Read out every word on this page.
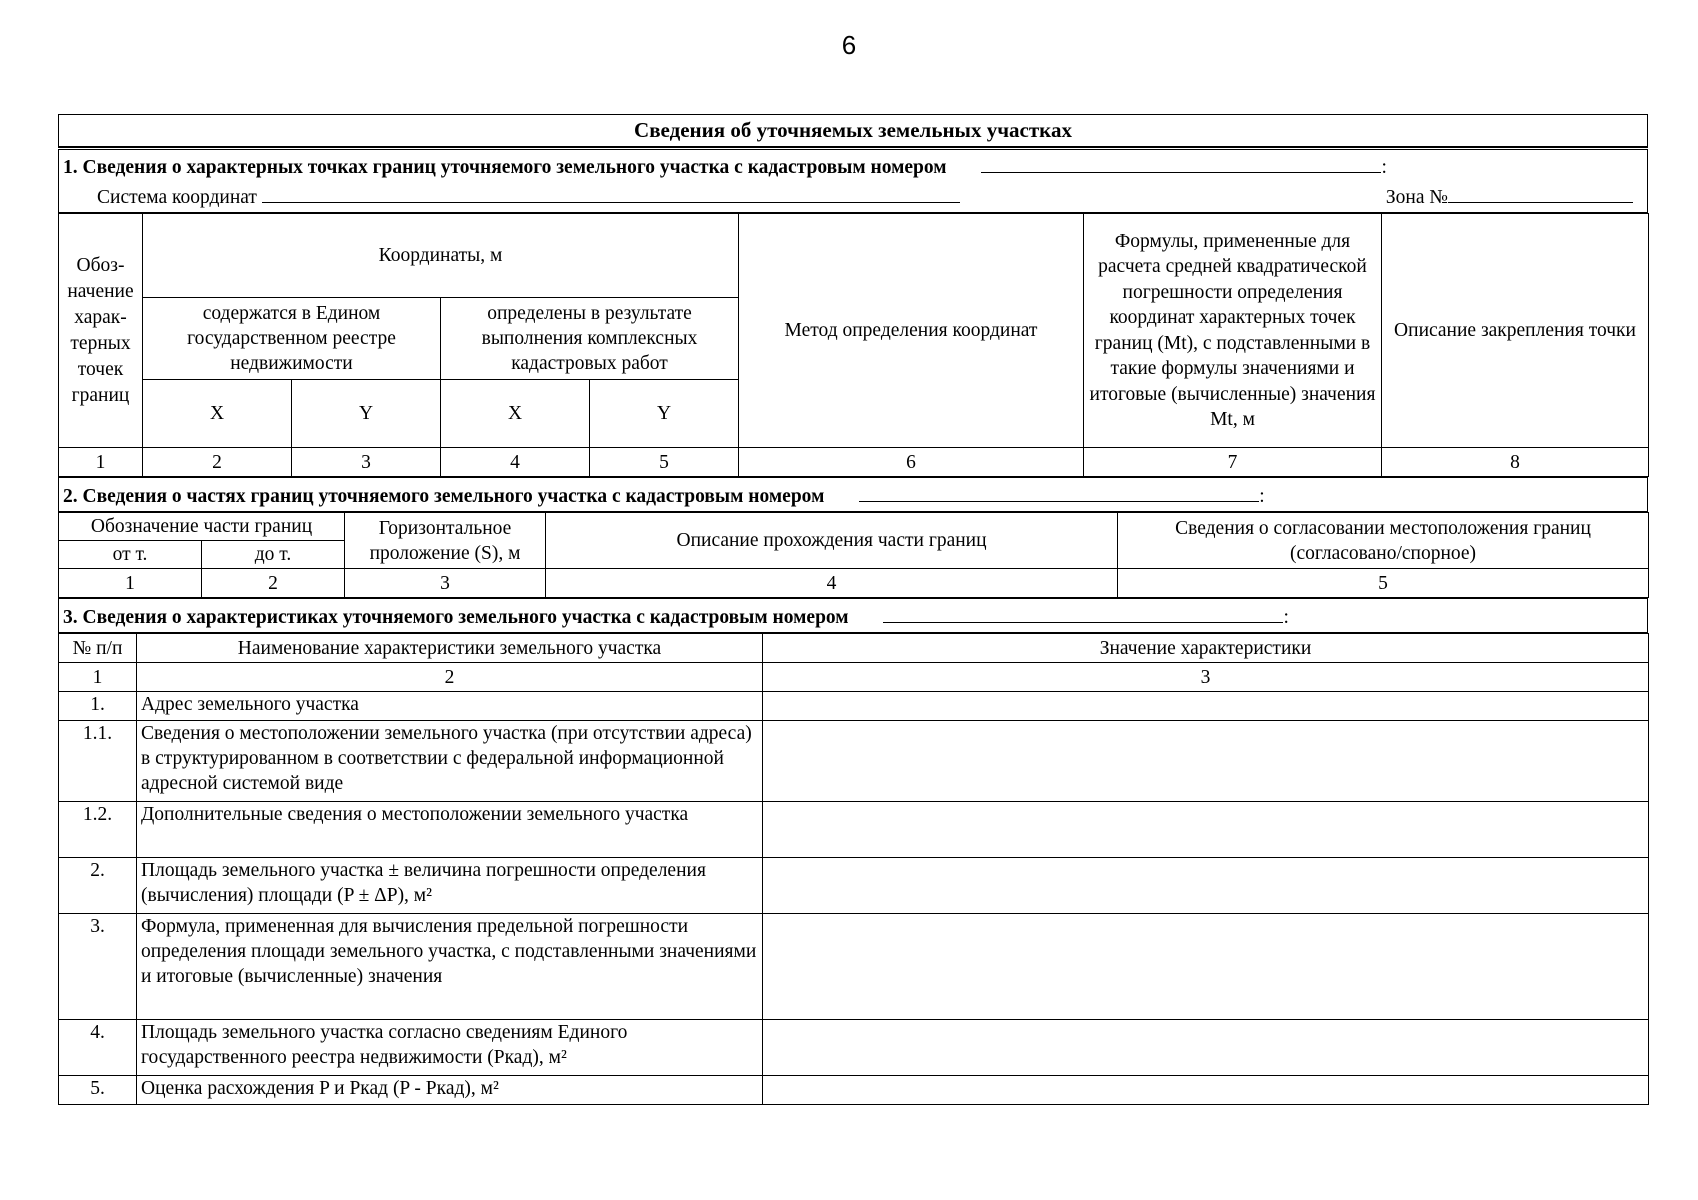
6
Сведения об уточняемых земельных участках
1. Сведения о характерных точках границ уточняемого земельного участка с кадастровым номером	:
Система координат	Зона №
Обоз-начение харак-терных точек границ	Координаты, м				Метод определения координат	Формулы, примененные для расчета средней квадратической погрешности определения координат характерных точек границ (Mt), с подставленными в такие формулы значениями и итоговые (вычисленные) значения Mt, м	Описание закрепления точки
	содержатся в Едином государственном реестре недвижимости		определены в результате выполнения комплексных кадастровых работ				
	X	Y	X	Y			
1	2	3	4	5	6	7	8
2. Сведения о частях границ уточняемого земельного участка с кадастровым номером	:
Обозначение части границ		Горизонтальное проложение (S), м	Описание прохождения части границ	Сведения о согласовании местоположения границ (согласовано/спорное)
от т.	до т.			
1	2	3	4	5
3. Сведения о характеристиках уточняемого земельного участка с кадастровым номером	:
№ п/п	Наименование характеристики земельного участка	Значение характеристики
1	2	3
1.	Адрес земельного участка	
1.1.	Сведения о местоположении земельного участка (при отсутствии адреса) в структурированном в соответствии с федеральной информационной адресной системой виде	
1.2.	Дополнительные сведения о местоположении земельного участка	
2.	Площадь земельного участка ± величина погрешности определения (вычисления) площади (P ± ΔP), м²	
3.	Формула, примененная для вычисления предельной погрешности определения площади земельного участка, с подставленными значениями и итоговые (вычисленные) значения	
4.	Площадь земельного участка согласно сведениям Единого государственного реестра недвижимости (Pкад), м²	
5.	Оценка расхождения P и Pкад (P - Pкад), м²	
